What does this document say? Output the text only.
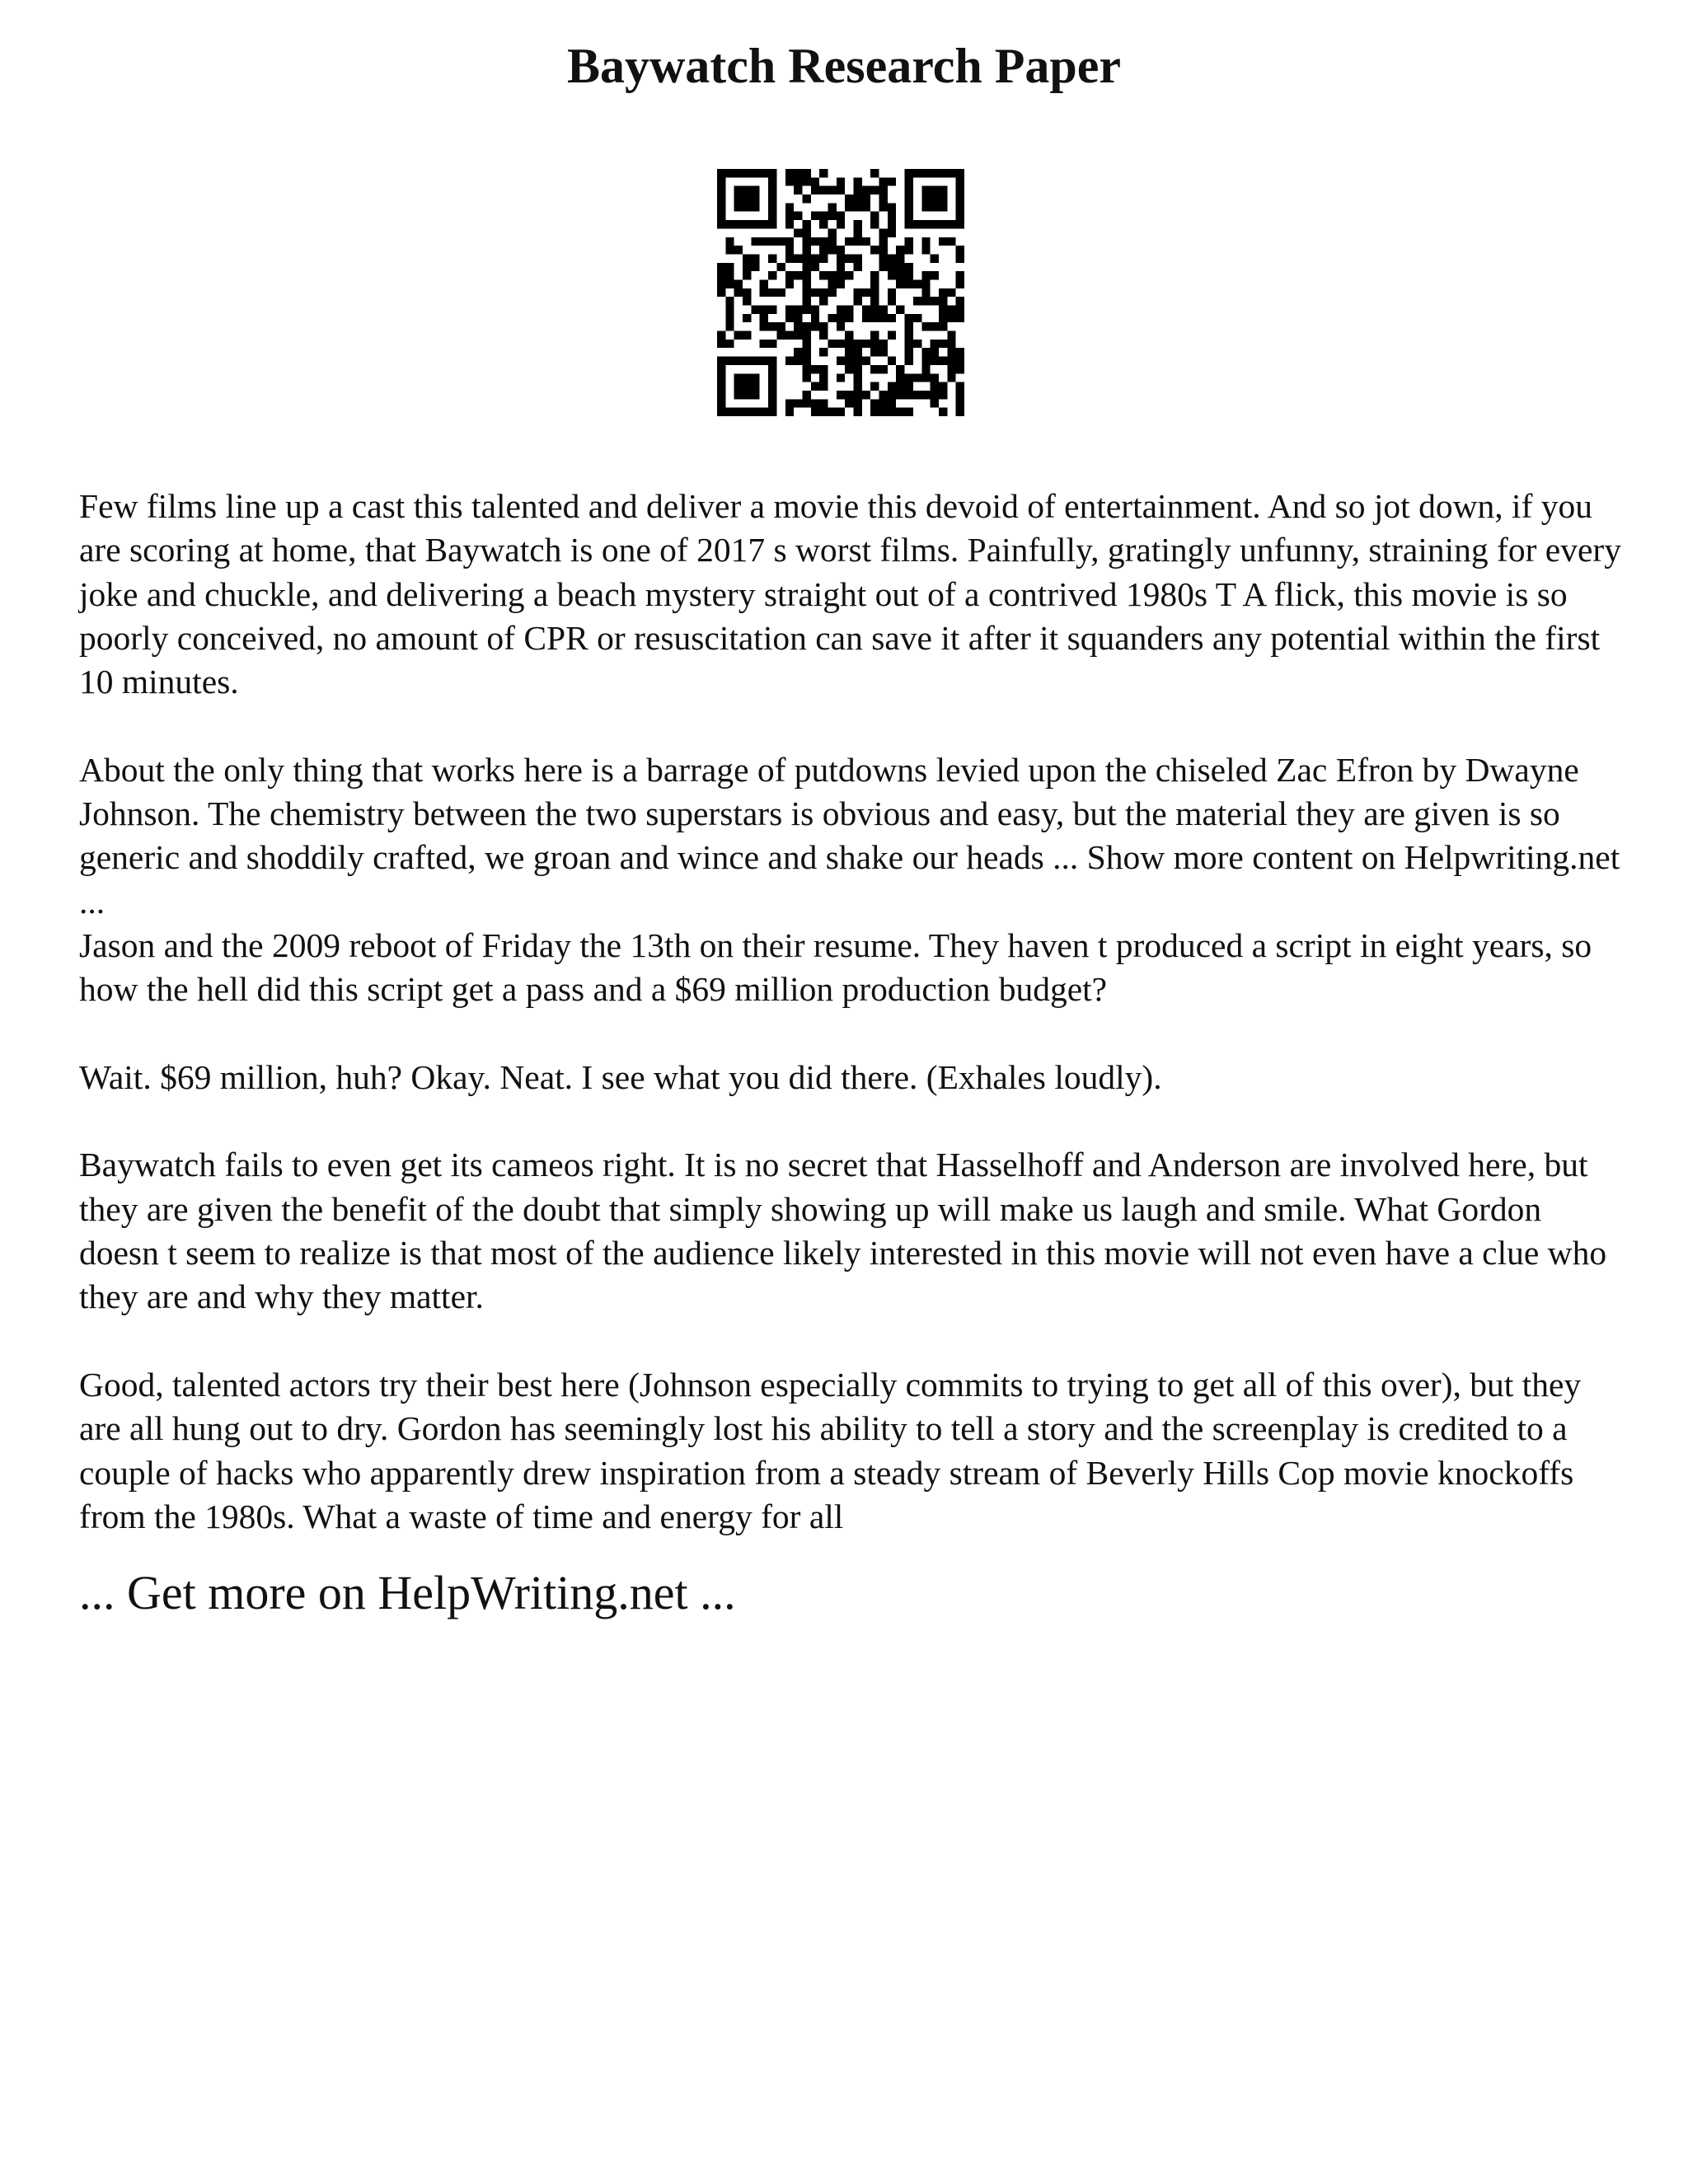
Baywatch Research Paper

Few films line up a cast this talented and deliver a movie this devoid of entertainment. And so jot down, if you are scoring at home, that Baywatch is one of 2017 s worst films. Painfully, gratingly unfunny, straining for every joke and chuckle, and delivering a beach mystery straight out of a contrived 1980s T A flick, this movie is so poorly conceived, no amount of CPR or resuscitation can save it after it squanders any potential within the first 10 minutes.

About the only thing that works here is a barrage of putdowns levied upon the chiseled Zac Efron by Dwayne Johnson. The chemistry between the two superstars is obvious and easy, but the material they are given is so generic and shoddily crafted, we groan and wince and shake our heads ... Show more content on Helpwriting.net ...

Jason and the 2009 reboot of Friday the 13th on their resume. They haven t produced a script in eight years, so how the hell did this script get a pass and a $69 million production budget?

Wait. $69 million, huh? Okay. Neat. I see what you did there. (Exhales loudly).

Baywatch fails to even get its cameos right. It is no secret that Hasselhoff and Anderson are involved here, but they are given the benefit of the doubt that simply showing up will make us laugh and smile. What Gordon doesn t seem to realize is that most of the audience likely interested in this movie will not even have a clue who they are and why they matter.

Good, talented actors try their best here (Johnson especially commits to trying to get all of this over), but they are all hung out to dry. Gordon has seemingly lost his ability to tell a story and the screenplay is credited to a couple of hacks who apparently drew inspiration from a steady stream of Beverly Hills Cop movie knockoffs from the 1980s. What a waste of time and energy for all

... Get more on HelpWriting.net ...
